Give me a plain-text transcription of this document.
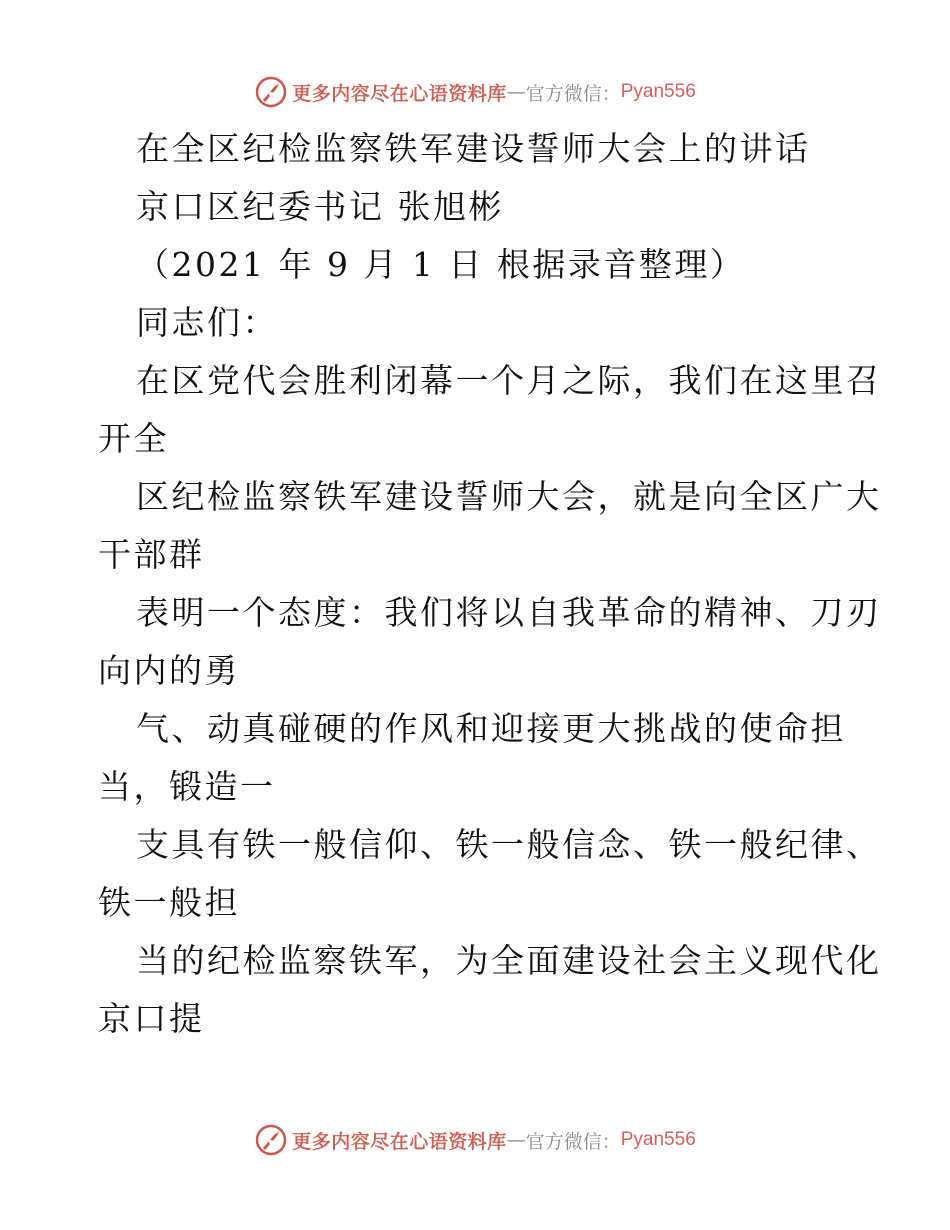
更多内容尽在心语资料库 — 官方微信： Pyan556
在全区纪检监察铁军建设誓师大会上的讲话
京口区纪委书记 张旭彬
（2021 年 9 月 1 日 根据录音整理）
同志们：
在区党代会胜利闭幕一个月之际，我们在这里召
开全
区纪检监察铁军建设誓师大会，就是向全区广大
干部群
表明一个态度：我们将以自我革命的精神、刀刃
向内的勇
气、动真碰硬的作风和迎接更大挑战的使命担
当，锻造一
支具有铁一般信仰、铁一般信念、铁一般纪律、
铁一般担
当的纪检监察铁军，为全面建设社会主义现代化
京口提
更多内容尽在心语资料库 — 官方微信： Pyan556
